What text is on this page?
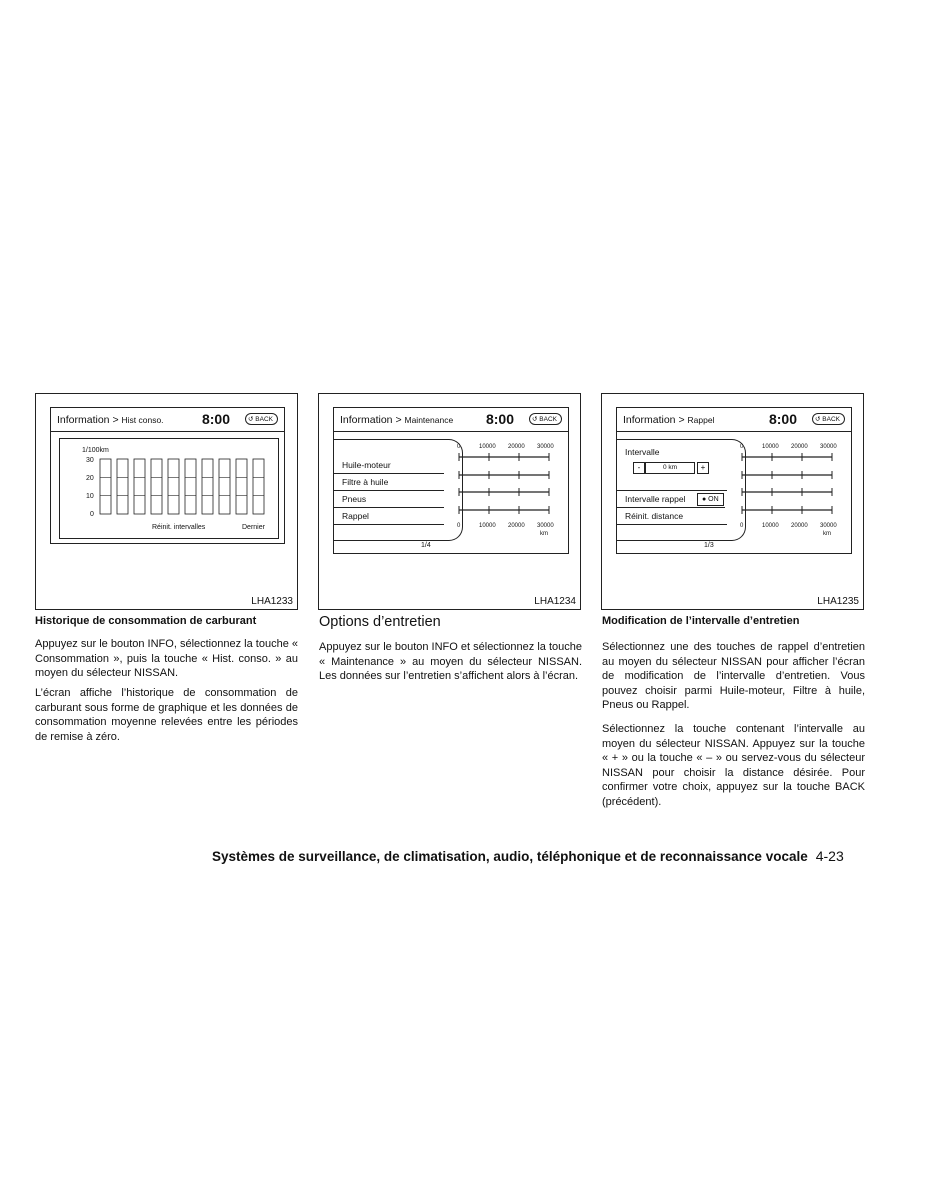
Information > Hist conso.	8:00	↺ BACK
1/100km
30
20
10
0
Réinit. intervalles	Dernier
LHA1233
Information > Maintenance 8:00	↺ BACK
Huile-moteur
Filtre à huile
Pneus
Rappel
0	10000 20000 30000
0	10000 20000 30000
km
1/4
LHA1234
Information > Rappel	8:00	↺ BACK
Intervalle
-	0 km	+
Intervalle rappel	● ON
Réinit. distance
0	10000 20000 30000
0	10000 20000 30000
km
1/3
LHA1235
Historique de consommation de carburant	Options d’entretien	Modification de l’intervalle d’entretien

Appuyez sur le bouton INFO, sélectionnez la touche « Consommation », puis la touche « Hist. conso. » au moyen du sélecteur NISSAN.

L’écran affiche l’historique de consommation de carburant sous forme de graphique et les données de consommation moyenne relevées entre les périodes de remise à zéro.

Appuyez sur le bouton INFO et sélectionnez la touche « Maintenance » au moyen du sélecteur NISSAN. Les données sur l’entretien s’affichent alors à l’écran.

Sélectionnez une des touches de rappel d’entretien au moyen du sélecteur NISSAN pour afficher l’écran de modification de l’intervalle d’entretien. Vous pouvez choisir parmi Huile-moteur, Filtre à huile, Pneus ou Rappel.

Sélectionnez la touche contenant l’intervalle au moyen du sélecteur NISSAN. Appuyez sur la touche « + » ou la touche « – » ou servez-vous du sélecteur NISSAN pour choisir la distance désirée. Pour confirmer votre choix, appuyez sur la touche BACK (précédent).

Systèmes de surveillance, de climatisation, audio, téléphonique et de reconnaissance vocale 4-23
